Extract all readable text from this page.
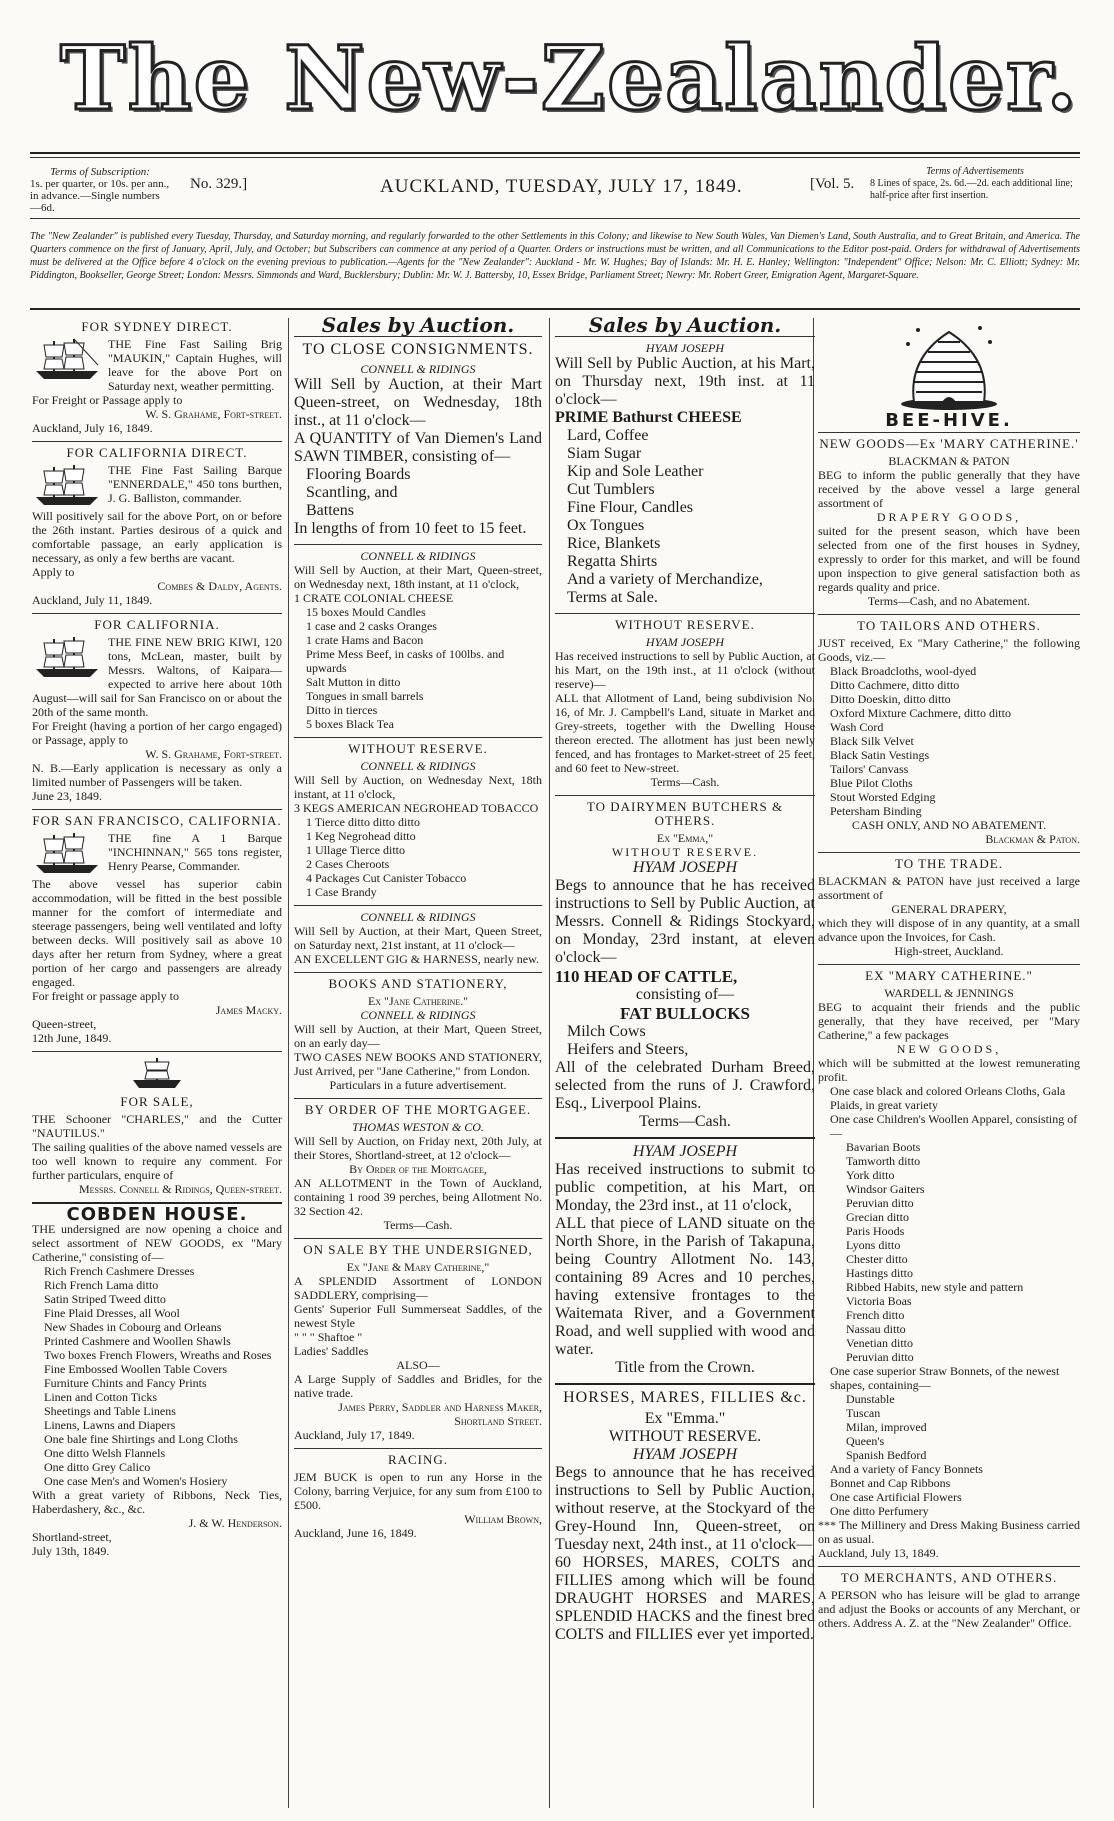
The New-Zealander.
Terms of Subscription:
1s. per quarter, or 10s. per ann., in advance.—Single numbers—6d.
No. 329.]	AUCKLAND, TUESDAY, JULY 17, 1849.	[Vol. 5.
Terms of Advertisements
8 Lines of space, 2s. 6d.—2d. each additional line; half-price after first insertion.
The "New Zealander" is published every Tuesday, Thursday, and Saturday morning, and regularly forwarded to the other Settlements in this Colony; and likewise to New South Wales, Van Diemen's Land, South Australia, and to Great Britain, and America. The Quarters commence on the first of January, April, July, and October; but Subscribers can commence at any period of a Quarter. Orders or instructions must be written, and all Communications to the Editor post-paid. Orders for withdrawal of Advertisements must be delivered at the Office before 4 o'clock on the evening previous to publication.—Agents for the "New Zealander": Auckland - Mr. W. Hughes; Bay of Islands: Mr. H. E. Hanley; Wellington: "Independent" Office; Nelson: Mr. C. Elliott; Sydney: Mr. Piddington, Bookseller, George Street; London: Messrs. Simmonds and Ward, Bucklersbury; Dublin: Mr. W. J. Battersby, 10, Essex Bridge, Parliament Street; Newry: Mr. Robert Greer, Emigration Agent, Margaret-Square.
FOR SYDNEY DIRECT.
THE Fine Fast Sailing Brig "MAUKIN," Captain Hughes, will leave for the above Port on Saturday next, weather permitting.
For Freight or Passage apply to
W. S. Grahame, Fort-street.
Auckland, July 16, 1849.
FOR CALIFORNIA DIRECT.
THE Fine Fast Sailing Barque "ENNERDALE," 450 tons burthen, J. G. Balliston, commander.
Will positively sail for the above Port, on or before the 26th instant. Parties desirous of a quick and comfortable passage, an early application is necessary, as only a few berths are vacant.
Apply to
Combes & Daldy, Agents.
Auckland, July 11, 1849.
FOR CALIFORNIA.
THE FINE NEW BRIG KIWI, 120 tons, McLean, master, built by Messrs. Waltons, of Kaipara—expected to arrive here about 10th August—will sail for San Francisco on or about the 20th of the same month.
For Freight (having a portion of her cargo engaged) or Passage, apply to
W. S. Grahame, Fort-street.
N. B.—Early application is necessary as only a limited number of Passengers will be taken.
June 23, 1849.
FOR SAN FRANCISCO, CALIFORNIA.
THE fine A 1 Barque "INCHINNAN," 565 tons register, Henry Pearse, Commander.
The above vessel has superior cabin accommodation, will be fitted in the best possible manner for the comfort of intermediate and steerage passengers, being well ventilated and lofty between decks. Will positively sail as above 10 days after her return from Sydney, where a great portion of her cargo and passengers are already engaged.
For freight or passage apply to
James Macky.
Queen-street,
12th June, 1849.
FOR SALE,
THE Schooner "CHARLES," and the Cutter "NAUTILUS."
The sailing qualities of the above named vessels are too well known to require any comment. For further particulars, enquire of
Messrs. Connell & Ridings, Queen-street.
COBDEN HOUSE.
THE undersigned are now opening a choice and select assortment of NEW GOODS, ex "Mary Catherine," consisting of—
Rich French Cashmere Dresses
Rich French Lama ditto
Satin Striped Tweed ditto
Fine Plaid Dresses, all Wool
New Shades in Cobourg and Orleans
Printed Cashmere and Woollen Shawls
Two boxes French Flowers, Wreaths and Roses
Fine Embossed Woollen Table Covers
Furniture Chints and Fancy Prints
Linen and Cotton Ticks
Sheetings and Table Linens
Linens, Lawns and Diapers
One bale fine Shirtings and Long Cloths
One ditto Welsh Flannels
One ditto Grey Calico
One case Men's and Women's Hosiery
With a great variety of Ribbons, Neck Ties, Haberdashery, &c., &c.
J. & W. Henderson.
Shortland-street,
July 13th, 1849.
Sales by Auction.
TO CLOSE CONSIGNMENTS.
CONNELL & RIDINGS
Will Sell by Auction, at their Mart Queen-street, on Wednesday, 18th inst., at 11 o'clock—
A QUANTITY of Van Diemen's Land SAWN TIMBER, consisting of—
Flooring Boards
Scantling, and
Battens
In lengths of from 10 feet to 15 feet.
CONNELL & RIDINGS
Will Sell by Auction, at their Mart, Queen-street, on Wednesday next, 18th instant, at 11 o'clock,
1 CRATE COLONIAL CHEESE
15 boxes Mould Candles
1 case and 2 casks Oranges
1 crate Hams and Bacon
Prime Mess Beef, in casks of 100lbs. and upwards
Salt Mutton in ditto
Tongues in small barrels
Ditto in tierces
5 boxes Black Tea
WITHOUT RESERVE.
CONNELL & RIDINGS
Will Sell by Auction, on Wednesday Next, 18th instant, at 11 o'clock,
3 KEGS AMERICAN NEGROHEAD TOBACCO
1 Tierce ditto ditto ditto
1 Keg Negrohead ditto
1 Ullage Tierce ditto
2 Cases Cheroots
4 Packages Cut Canister Tobacco
1 Case Brandy
CONNELL & RIDINGS
Will Sell by Auction, at their Mart, Queen Street, on Saturday next, 21st instant, at 11 o'clock—
AN EXCELLENT GIG & HARNESS, nearly new.
BOOKS AND STATIONERY,
Ex "Jane Catherine."
CONNELL & RIDINGS
Will sell by Auction, at their Mart, Queen Street, on an early day—
TWO CASES NEW BOOKS AND STATIONERY, Just Arrived, per "Jane Catherine," from London.
Particulars in a future advertisement.
BY ORDER OF THE MORTGAGEE.
THOMAS WESTON & CO.
Will Sell by Auction, on Friday next, 20th July, at their Stores, Shortland-street, at 12 o'clock—
By Order of the Mortgagee,
AN ALLOTMENT in the Town of Auckland, containing 1 rood 39 perches, being Allotment No. 32 Section 42.
Terms—Cash.
ON SALE BY THE UNDERSIGNED,
Ex "Jane & Mary Catherine,"
A SPLENDID Assortment of LONDON SADDLERY, comprising—
Gents' Superior Full Summerseat Saddles, of the newest Style
" " " Shaftoe "
Ladies' Saddles
ALSO—
A Large Supply of Saddles and Bridles, for the native trade.
James Perry, Saddler and Harness Maker, Shortland Street.
Auckland, July 17, 1849.
RACING.
JEM BUCK is open to run any Horse in the Colony, barring Verjuice, for any sum from £100 to £500.
William Brown,
Auckland, June 16, 1849.
Sales by Auction.
HYAM JOSEPH
Will Sell by Public Auction, at his Mart, on Thursday next, 19th inst. at 11 o'clock—
PRIME Bathurst CHEESE
Lard, Coffee
Siam Sugar
Kip and Sole Leather
Cut Tumblers
Fine Flour, Candles
Ox Tongues
Rice, Blankets
Regatta Shirts
And a variety of Merchandize,
Terms at Sale.
WITHOUT RESERVE.
HYAM JOSEPH
Has received instructions to sell by Public Auction, at his Mart, on the 19th inst., at 11 o'clock (without reserve)—
ALL that Allotment of Land, being subdivision No. 16, of Mr. J. Campbell's Land, situate in Market and Grey-streets, together with the Dwelling House thereon erected. The allotment has just been newly fenced, and has frontages to Market-street of 25 feet, and 60 feet to New-street.
Terms—Cash.
TO DAIRYMEN BUTCHERS & OTHERS.
Ex "Emma,"
WITHOUT RESERVE.
HYAM JOSEPH
Begs to announce that he has received instructions to Sell by Public Auction, at Messrs. Connell & Ridings Stockyard, on Monday, 23rd instant, at eleven o'clock—
110 HEAD OF CATTLE,
consisting of—
FAT BULLOCKS
Milch Cows
Heifers and Steers,
All of the celebrated Durham Breed, selected from the runs of J. Crawford, Esq., Liverpool Plains.
Terms—Cash.
HYAM JOSEPH
Has received instructions to submit to public competition, at his Mart, on Monday, the 23rd inst., at 11 o'clock,
ALL that piece of LAND situate on the North Shore, in the Parish of Takapuna, being Country Allotment No. 143, containing 89 Acres and 10 perches, having extensive frontages to the Waitemata River, and a Government Road, and well supplied with wood and water.
Title from the Crown.
HORSES, MARES, FILLIES &c.
Ex "Emma."
WITHOUT RESERVE.
HYAM JOSEPH
Begs to announce that he has received instructions to Sell by Public Auction, without reserve, at the Stockyard of the Grey-Hound Inn, Queen-street, on Tuesday next, 24th inst., at 11 o'clock—
60 HORSES, MARES, COLTS and FILLIES among which will be found DRAUGHT HORSES and MARES, SPLENDID HACKS and the finest bred COLTS and FILLIES ever yet imported.
BEE-HIVE.
NEW GOODS—Ex 'MARY CATHERINE.'
BLACKMAN & PATON
BEG to inform the public generally that they have received by the above vessel a large general assortment of
DRAPERY GOODS,
suited for the present season, which have been selected from one of the first houses in Sydney, expressly to order for this market, and will be found upon inspection to give general satisfaction both as regards quality and price.
Terms—Cash, and no Abatement.
TO TAILORS AND OTHERS.
JUST received, Ex "Mary Catherine," the following Goods, viz.—
Black Broadcloths, wool-dyed
Ditto Cachmere, ditto ditto
Ditto Doeskin, ditto ditto
Oxford Mixture Cachmere, ditto ditto
Wash Cord
Black Silk Velvet
Black Satin Vestings
Tailors' Canvass
Blue Pilot Cloths
Stout Worsted Edging
Petersham Binding
CASH ONLY, AND NO ABATEMENT.
Blackman & Paton.
TO THE TRADE.
BLACKMAN & PATON have just received a large assortment of
GENERAL DRAPERY,
which they will dispose of in any quantity, at a small advance upon the Invoices, for Cash.
High-street, Auckland.
EX "MARY CATHERINE."
WARDELL & JENNINGS
BEG to acquaint their friends and the public generally, that they have received, per "Mary Catherine," a few packages
NEW GOODS,
which will be submitted at the lowest remunerating profit.
One case black and colored Orleans Cloths, Gala Plaids, in great variety
One case Children's Woollen Apparel, consisting of—
Bavarian Boots
Tamworth ditto
York ditto
Windsor Gaiters
Peruvian ditto
Grecian ditto
Paris Hoods
Lyons ditto
Chester ditto
Hastings ditto
Ribbed Habits, new style and pattern
Victoria Boas
French ditto
Nassau ditto
Venetian ditto
Peruvian ditto
One case superior Straw Bonnets, of the newest shapes, containing—
Dunstable
Tuscan
Milan, improved
Queen's
Spanish Bedford
And a variety of Fancy Bonnets
Bonnet and Cap Ribbons
One case Artificial Flowers
One ditto Perfumery
*** The Millinery and Dress Making Business carried on as usual.
Auckland, July 13, 1849.
TO MERCHANTS, AND OTHERS.
A PERSON who has leisure will be glad to arrange and adjust the Books or accounts of any Merchant, or others. Address A. Z. at the "New Zealander" Office.
